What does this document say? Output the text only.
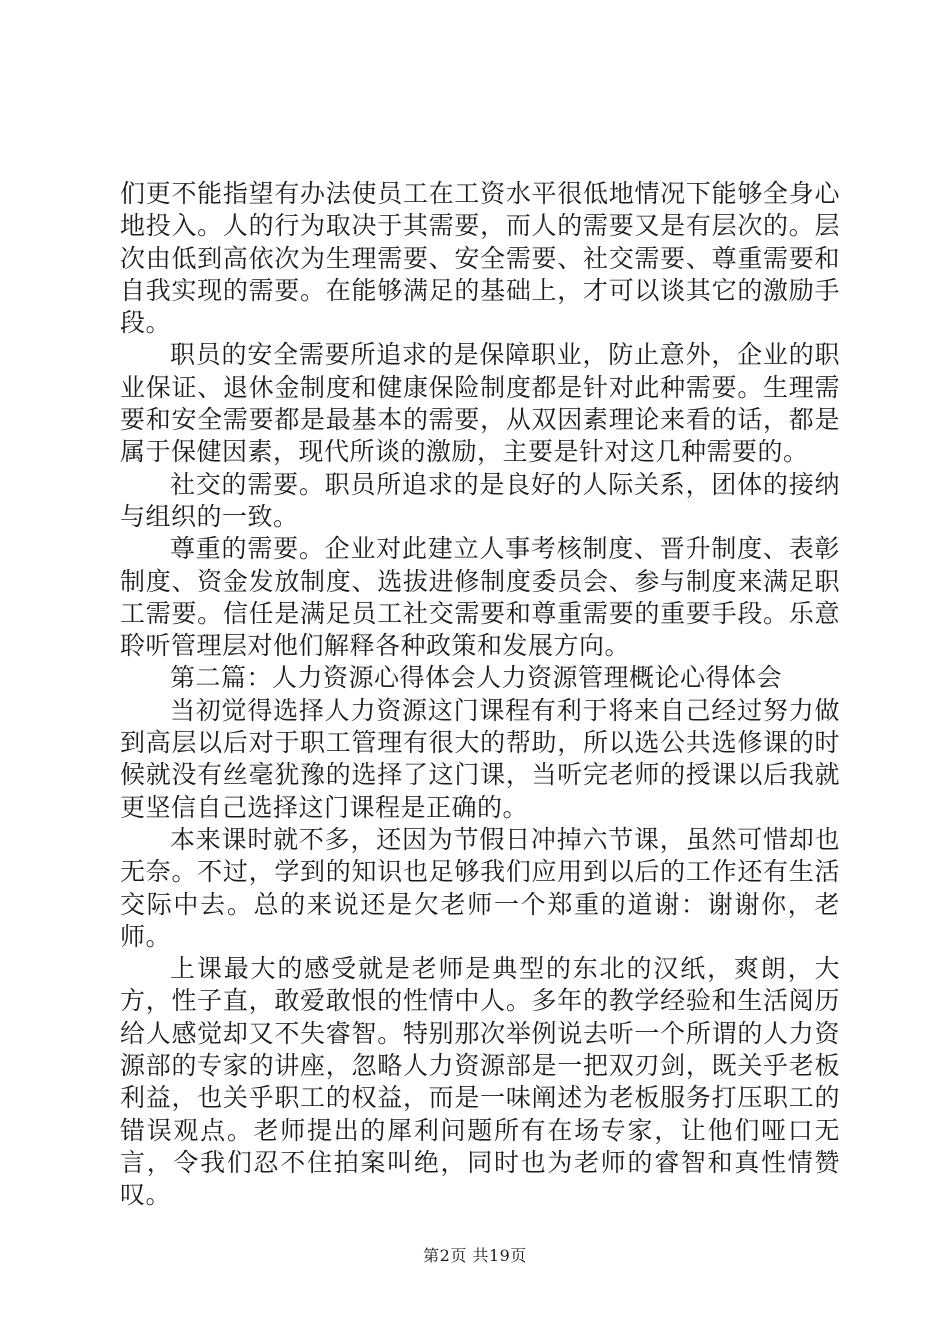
们更不能指望有办法使员工在工资水平很低地情况下能够全身心地投入。人的行为取决于其需要，而人的需要又是有层次的。层次由低到高依次为生理需要、安全需要、社交需要、尊重需要和自我实现的需要。在能够满足的基础上，才可以谈其它的激励手段。

职员的安全需要所追求的是保障职业，防止意外，企业的职业保证、退休金制度和健康保险制度都是针对此种需要。生理需要和安全需要都是最基本的需要，从双因素理论来看的话，都是属于保健因素，现代所谈的激励，主要是针对这几种需要的。

社交的需要。职员所追求的是良好的人际关系，团体的接纳与组织的一致。

尊重的需要。企业对此建立人事考核制度、晋升制度、表彰制度、资金发放制度、选拔进修制度委员会、参与制度来满足职工需要。信任是满足员工社交需要和尊重需要的重要手段。乐意聆听管理层对他们解释各种政策和发展方向。

第二篇：人力资源心得体会人力资源管理概论心得体会

当初觉得选择人力资源这门课程有利于将来自己经过努力做到高层以后对于职工管理有很大的帮助，所以选公共选修课的时候就没有丝毫犹豫的选择了这门课，当听完老师的授课以后我就更坚信自己选择这门课程是正确的。

本来课时就不多，还因为节假日冲掉六节课，虽然可惜却也无奈。不过，学到的知识也足够我们应用到以后的工作还有生活交际中去。总的来说还是欠老师一个郑重的道谢：谢谢你，老师。

上课最大的感受就是老师是典型的东北的汉纸，爽朗，大方，性子直，敢爱敢恨的性情中人。多年的教学经验和生活阅历给人感觉却又不失睿智。特别那次举例说去听一个所谓的人力资源部的专家的讲座，忽略人力资源部是一把双刃剑，既关乎老板利益，也关乎职工的权益，而是一味阐述为老板服务打压职工的错误观点。老师提出的犀利问题所有在场专家，让他们哑口无言，令我们忍不住拍案叫绝，同时也为老师的睿智和真性情赞叹。

第2页 共19页
